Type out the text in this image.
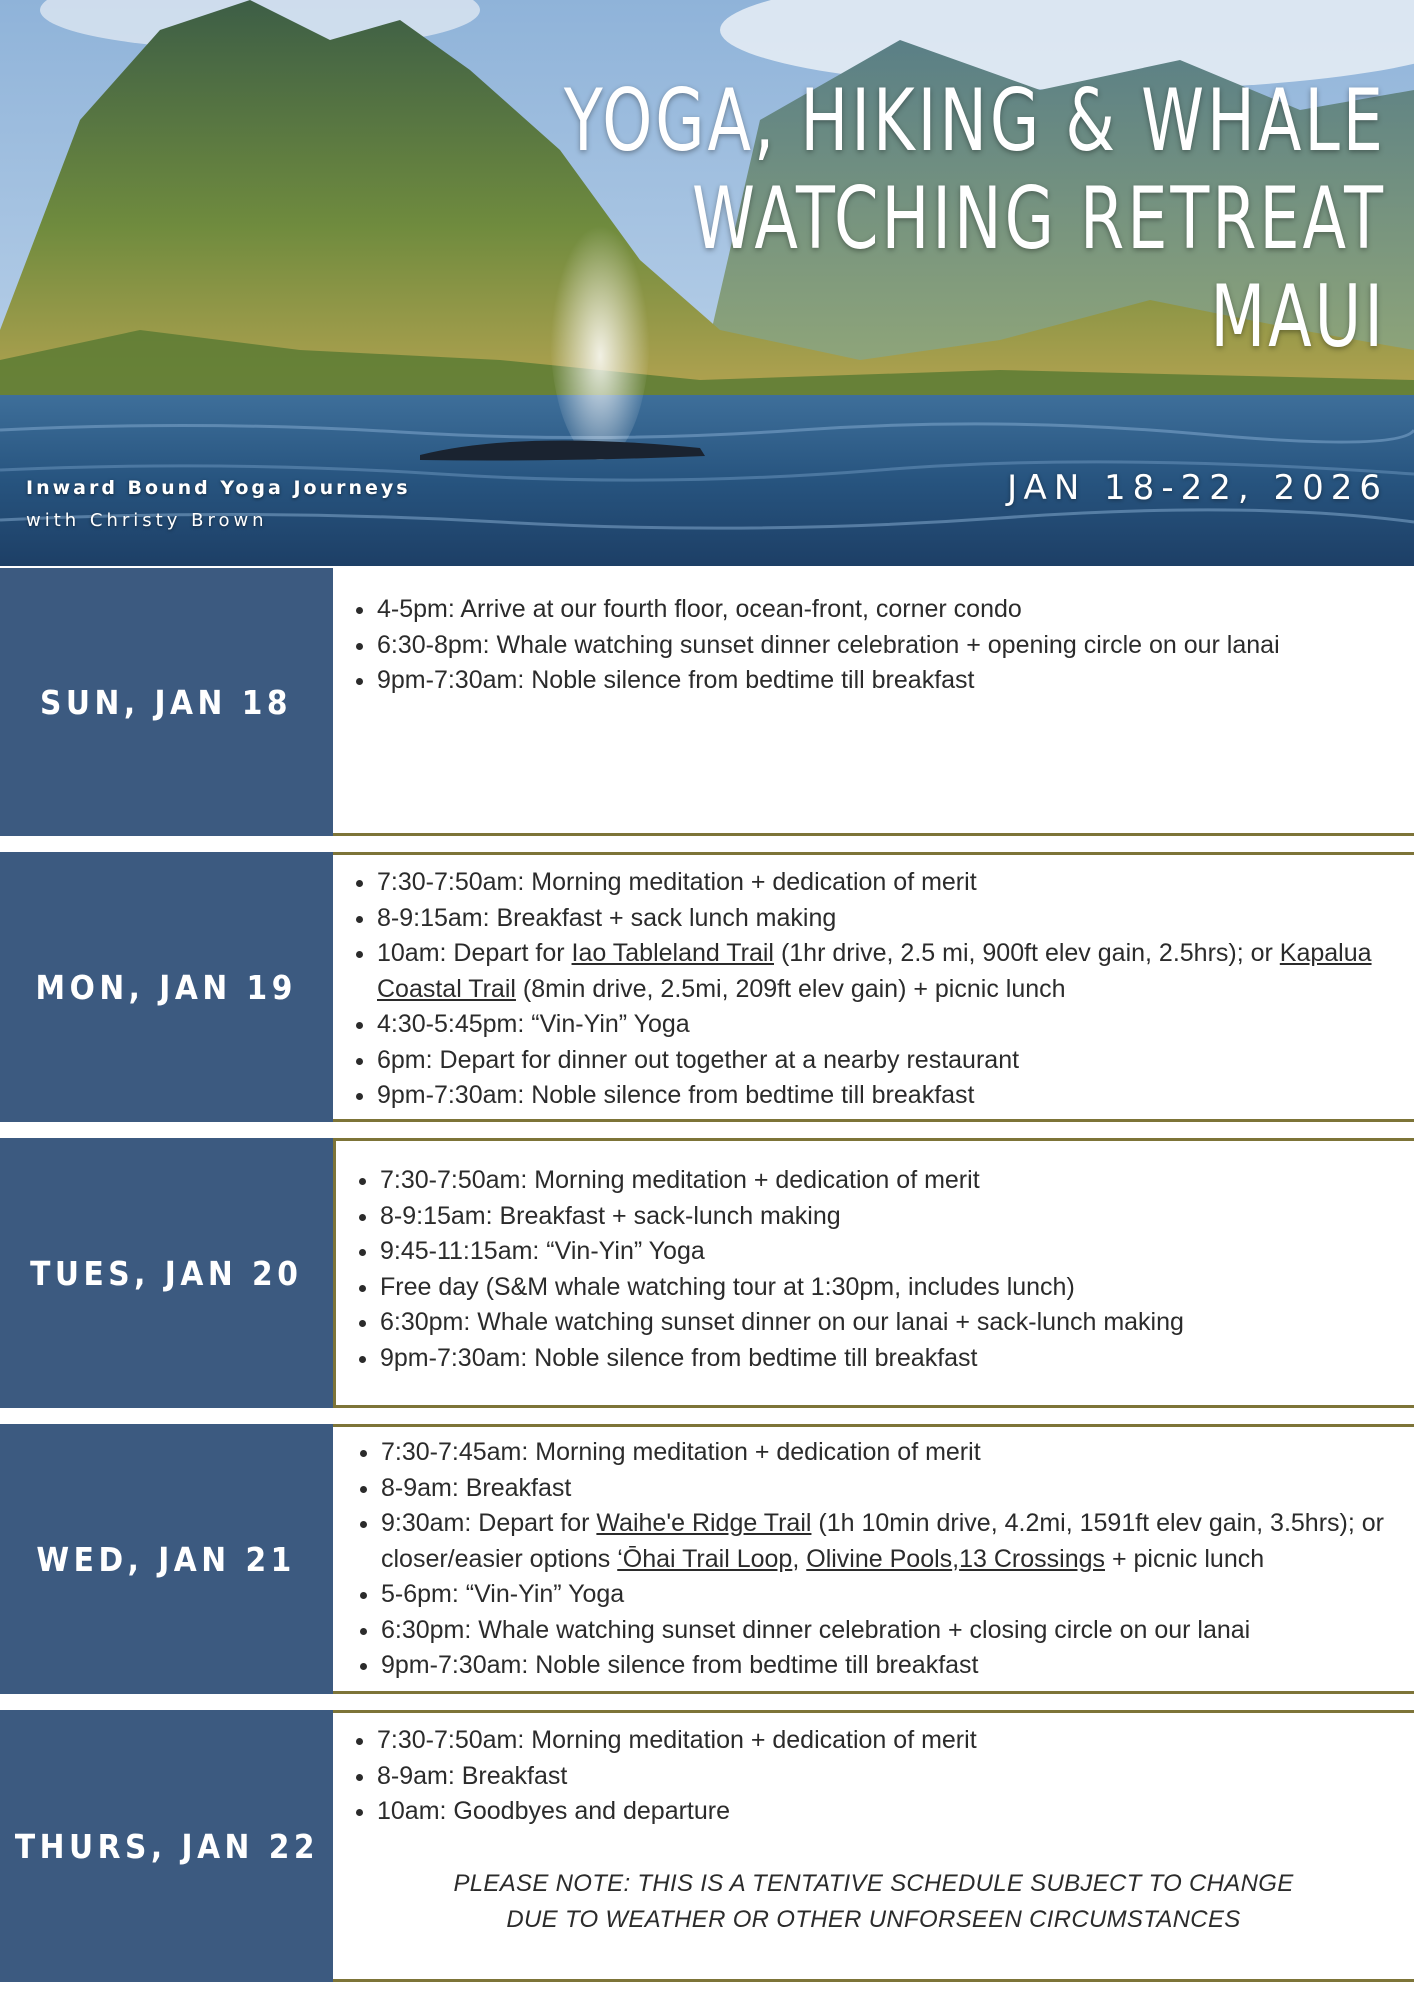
YOGA, HIKING & WHALE
WATCHING RETREAT
MAUI
JAN 18-22, 2026
Inward Bound Yoga Journeys
with Christy Brown
SUN, JAN 18
• 4-5pm: Arrive at our fourth floor, ocean-front, corner condo
• 6:30-8pm: Whale watching sunset dinner celebration + opening circle on our lanai
• 9pm-7:30am: Noble silence from bedtime till breakfast
MON, JAN 19
• 7:30-7:50am: Morning meditation + dedication of merit
• 8-9:15am: Breakfast + sack lunch making
• 10am: Depart for Iao Tableland Trail (1hr drive, 2.5 mi, 900ft elev gain, 2.5hrs); or Kapalua Coastal Trail (8min drive, 2.5mi, 209ft elev gain) + picnic lunch
• 4:30-5:45pm: “Vin-Yin” Yoga
• 6pm: Depart for dinner out together at a nearby restaurant
• 9pm-7:30am: Noble silence from bedtime till breakfast
TUES, JAN 20
• 7:30-7:50am: Morning meditation + dedication of merit
• 8-9:15am: Breakfast + sack-lunch making
• 9:45-11:15am: “Vin-Yin” Yoga
• Free day (S&M whale watching tour at 1:30pm, includes lunch)
• 6:30pm: Whale watching sunset dinner on our lanai + sack-lunch making
• 9pm-7:30am: Noble silence from bedtime till breakfast
WED, JAN 21
• 7:30-7:45am: Morning meditation + dedication of merit
• 8-9am: Breakfast
• 9:30am: Depart for Waihe'e Ridge Trail (1h 10min drive, 4.2mi, 1591ft elev gain, 3.5hrs); or closer/easier options ‘Ōhai Trail Loop, Olivine Pools,13 Crossings + picnic lunch
• 5-6pm: “Vin-Yin” Yoga
• 6:30pm: Whale watching sunset dinner celebration + closing circle on our lanai
• 9pm-7:30am: Noble silence from bedtime till breakfast
THURS, JAN 22
• 7:30-7:50am: Morning meditation + dedication of merit
• 8-9am: Breakfast
• 10am: Goodbyes and departure
PLEASE NOTE: THIS IS A TENTATIVE SCHEDULE SUBJECT TO CHANGE
DUE TO WEATHER OR OTHER UNFORSEEN CIRCUMSTANCES
